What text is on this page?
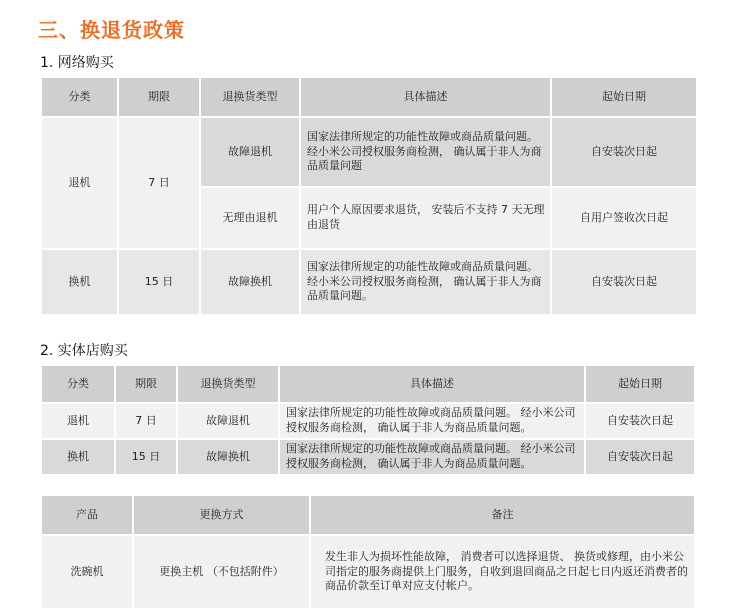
三、换退货政策
1. 网络购买
分类	期限	退换货类型	具体描述	起始日期
退机	7 日	故障退机	国家法律所规定的功能性故障或商品质量问题。经小米公司授权服务商检测， 确认属于非人为商品质量问题	自安装次日起
		无理由退机	用户个人原因要求退货， 安装后不支持 7 天无理由退货	自用户签收次日起
换机	15 日	故障换机	国家法律所规定的功能性故障或商品质量问题。经小米公司授权服务商检测， 确认属于非人为商品质量问题。	自安装次日起
2. 实体店购买
分类	期限	退换货类型	具体描述	起始日期
退机	7 日	故障退机	国家法律所规定的功能性故障或商品质量问题。 经小米公司授权服务商检测， 确认属于非人为商品质量问题。	自安装次日起
换机	15 日	故障换机	国家法律所规定的功能性故障或商品质量问题。 经小米公司授权服务商检测， 确认属于非人为商品质量问题。	自安装次日起
产品	更换方式	备注
洗碗机	更换主机 （不包括附件）	发生非人为损坏性能故障， 消费者可以选择退货、 换货或修理，由小米公司指定的服务商提供上门服务，自收到退回商品之日起七日内返还消费者的商品价款至订单对应支付帐户。
